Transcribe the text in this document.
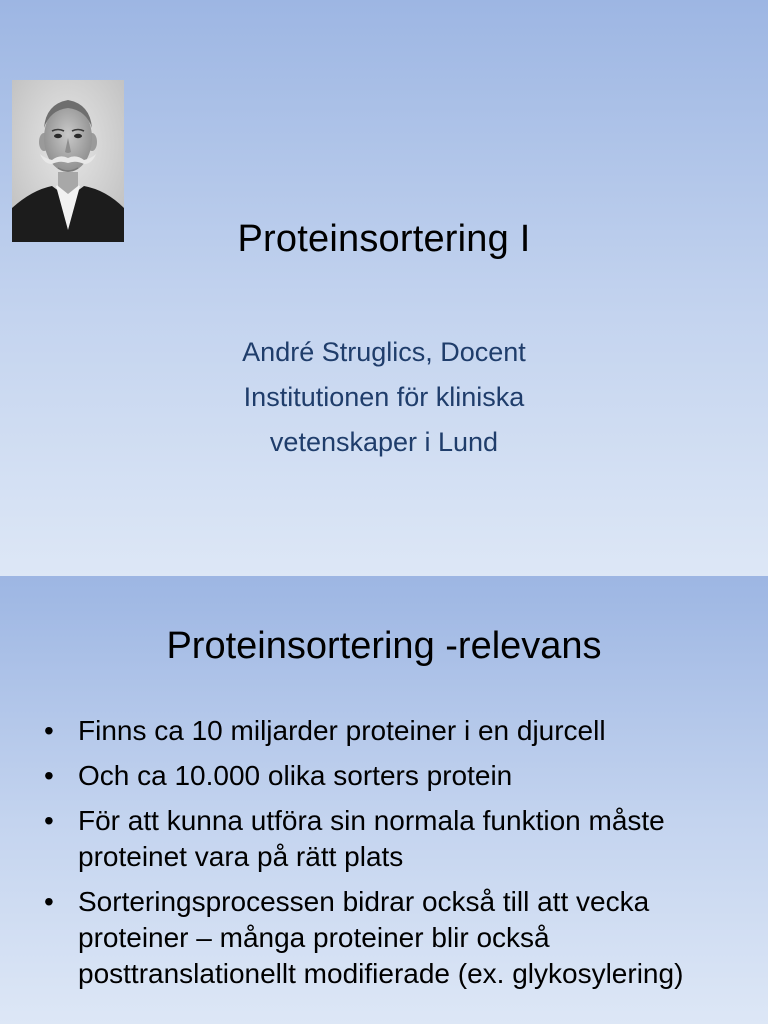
Proteinsortering I
André Struglics, Docent
Institutionen för kliniska
vetenskaper i Lund
Proteinsortering -relevans
• Finns ca 10 miljarder proteiner i en djurcell
• Och ca 10.000 olika sorters protein
• För att kunna utföra sin normala funktion måste proteinet vara på rätt plats
• Sorteringsprocessen bidrar också till att vecka proteiner – många proteiner blir också posttranslationellt modifierade (ex. glykosylering)
